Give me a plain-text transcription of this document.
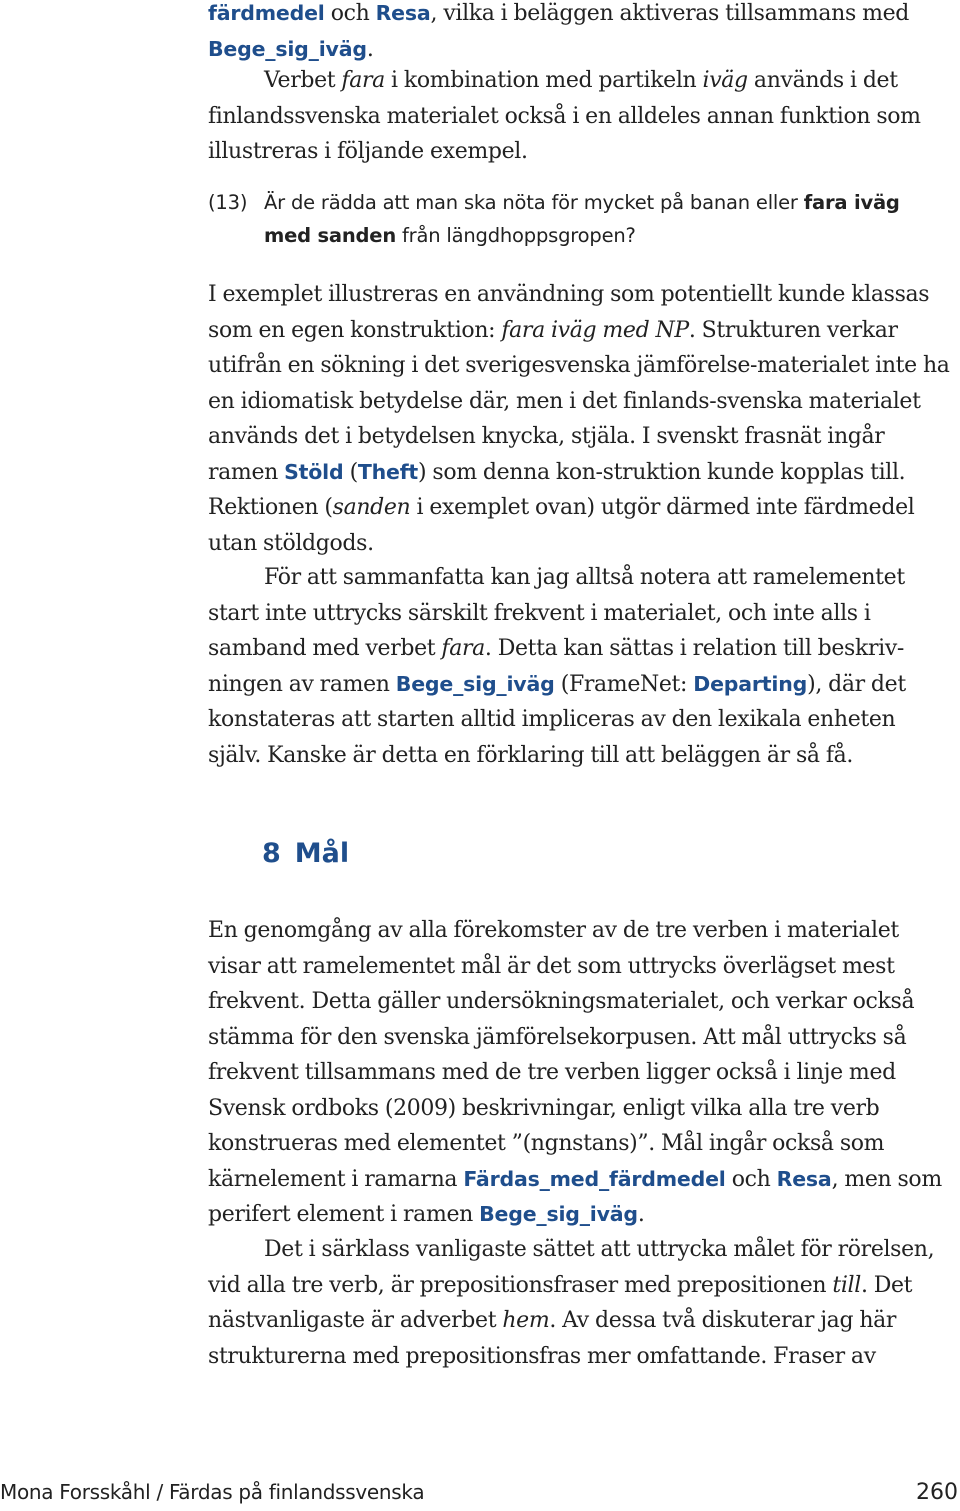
färdmedel och Resa, vilka i beläggen aktiveras tillsammans med Bege_sig_iväg.

Verbet fara i kombination med partikeln iväg används i det finlandssvenska materialet också i en alldeles annan funktion som illustreras i följande exempel.

(13) Är de rädda att man ska nöta för mycket på banan eller fara iväg med sanden från längdhoppsgropen?

I exemplet illustreras en användning som potentiellt kunde klassas som en egen konstruktion: fara iväg med NP. Strukturen verkar utifrån en sökning i det sverigesvenska jämförelse-materialet inte ha en idiomatisk betydelse där, men i det finlands-svenska materialet används det i betydelsen knycka, stjäla. I svenskt frasnät ingår ramen Stöld (Theft) som denna kon-struktion kunde kopplas till. Rektionen (sanden i exemplet ovan) utgör därmed inte färdmedel utan stöldgods.

För att sammanfatta kan jag alltså notera att ramelementet start inte uttrycks särskilt frekvent i materialet, och inte alls i samband med verbet fara. Detta kan sättas i relation till beskriv-ningen av ramen Bege_sig_iväg (FrameNet: Departing), där det konstateras att starten alltid impliceras av den lexikala enheten själv. Kanske är detta en förklaring till att beläggen är så få.

8 Mål

En genomgång av alla förekomster av de tre verben i materialet visar att ramelementet mål är det som uttrycks överlägset mest frekvent. Detta gäller undersökningsmaterialet, och verkar också stämma för den svenska jämförelsekorpusen. Att mål uttrycks så frekvent tillsammans med de tre verben ligger också i linje med Svensk ordboks (2009) beskrivningar, enligt vilka alla tre verb konstrueras med elementet ”(ngnstans)”. Mål ingår också som kärnelement i ramarna Färdas_med_färdmedel och Resa, men som perifert element i ramen Bege_sig_iväg.

Det i särklass vanligaste sättet att uttrycka målet för rörelsen, vid alla tre verb, är prepositionsfraser med prepositionen till. Det nästvanligaste är adverbet hem. Av dessa två diskuterar jag här strukturerna med prepositionsfras mer omfattande. Fraser av

Mona Forsskåhl / Färdas på finlandssvenska	260
